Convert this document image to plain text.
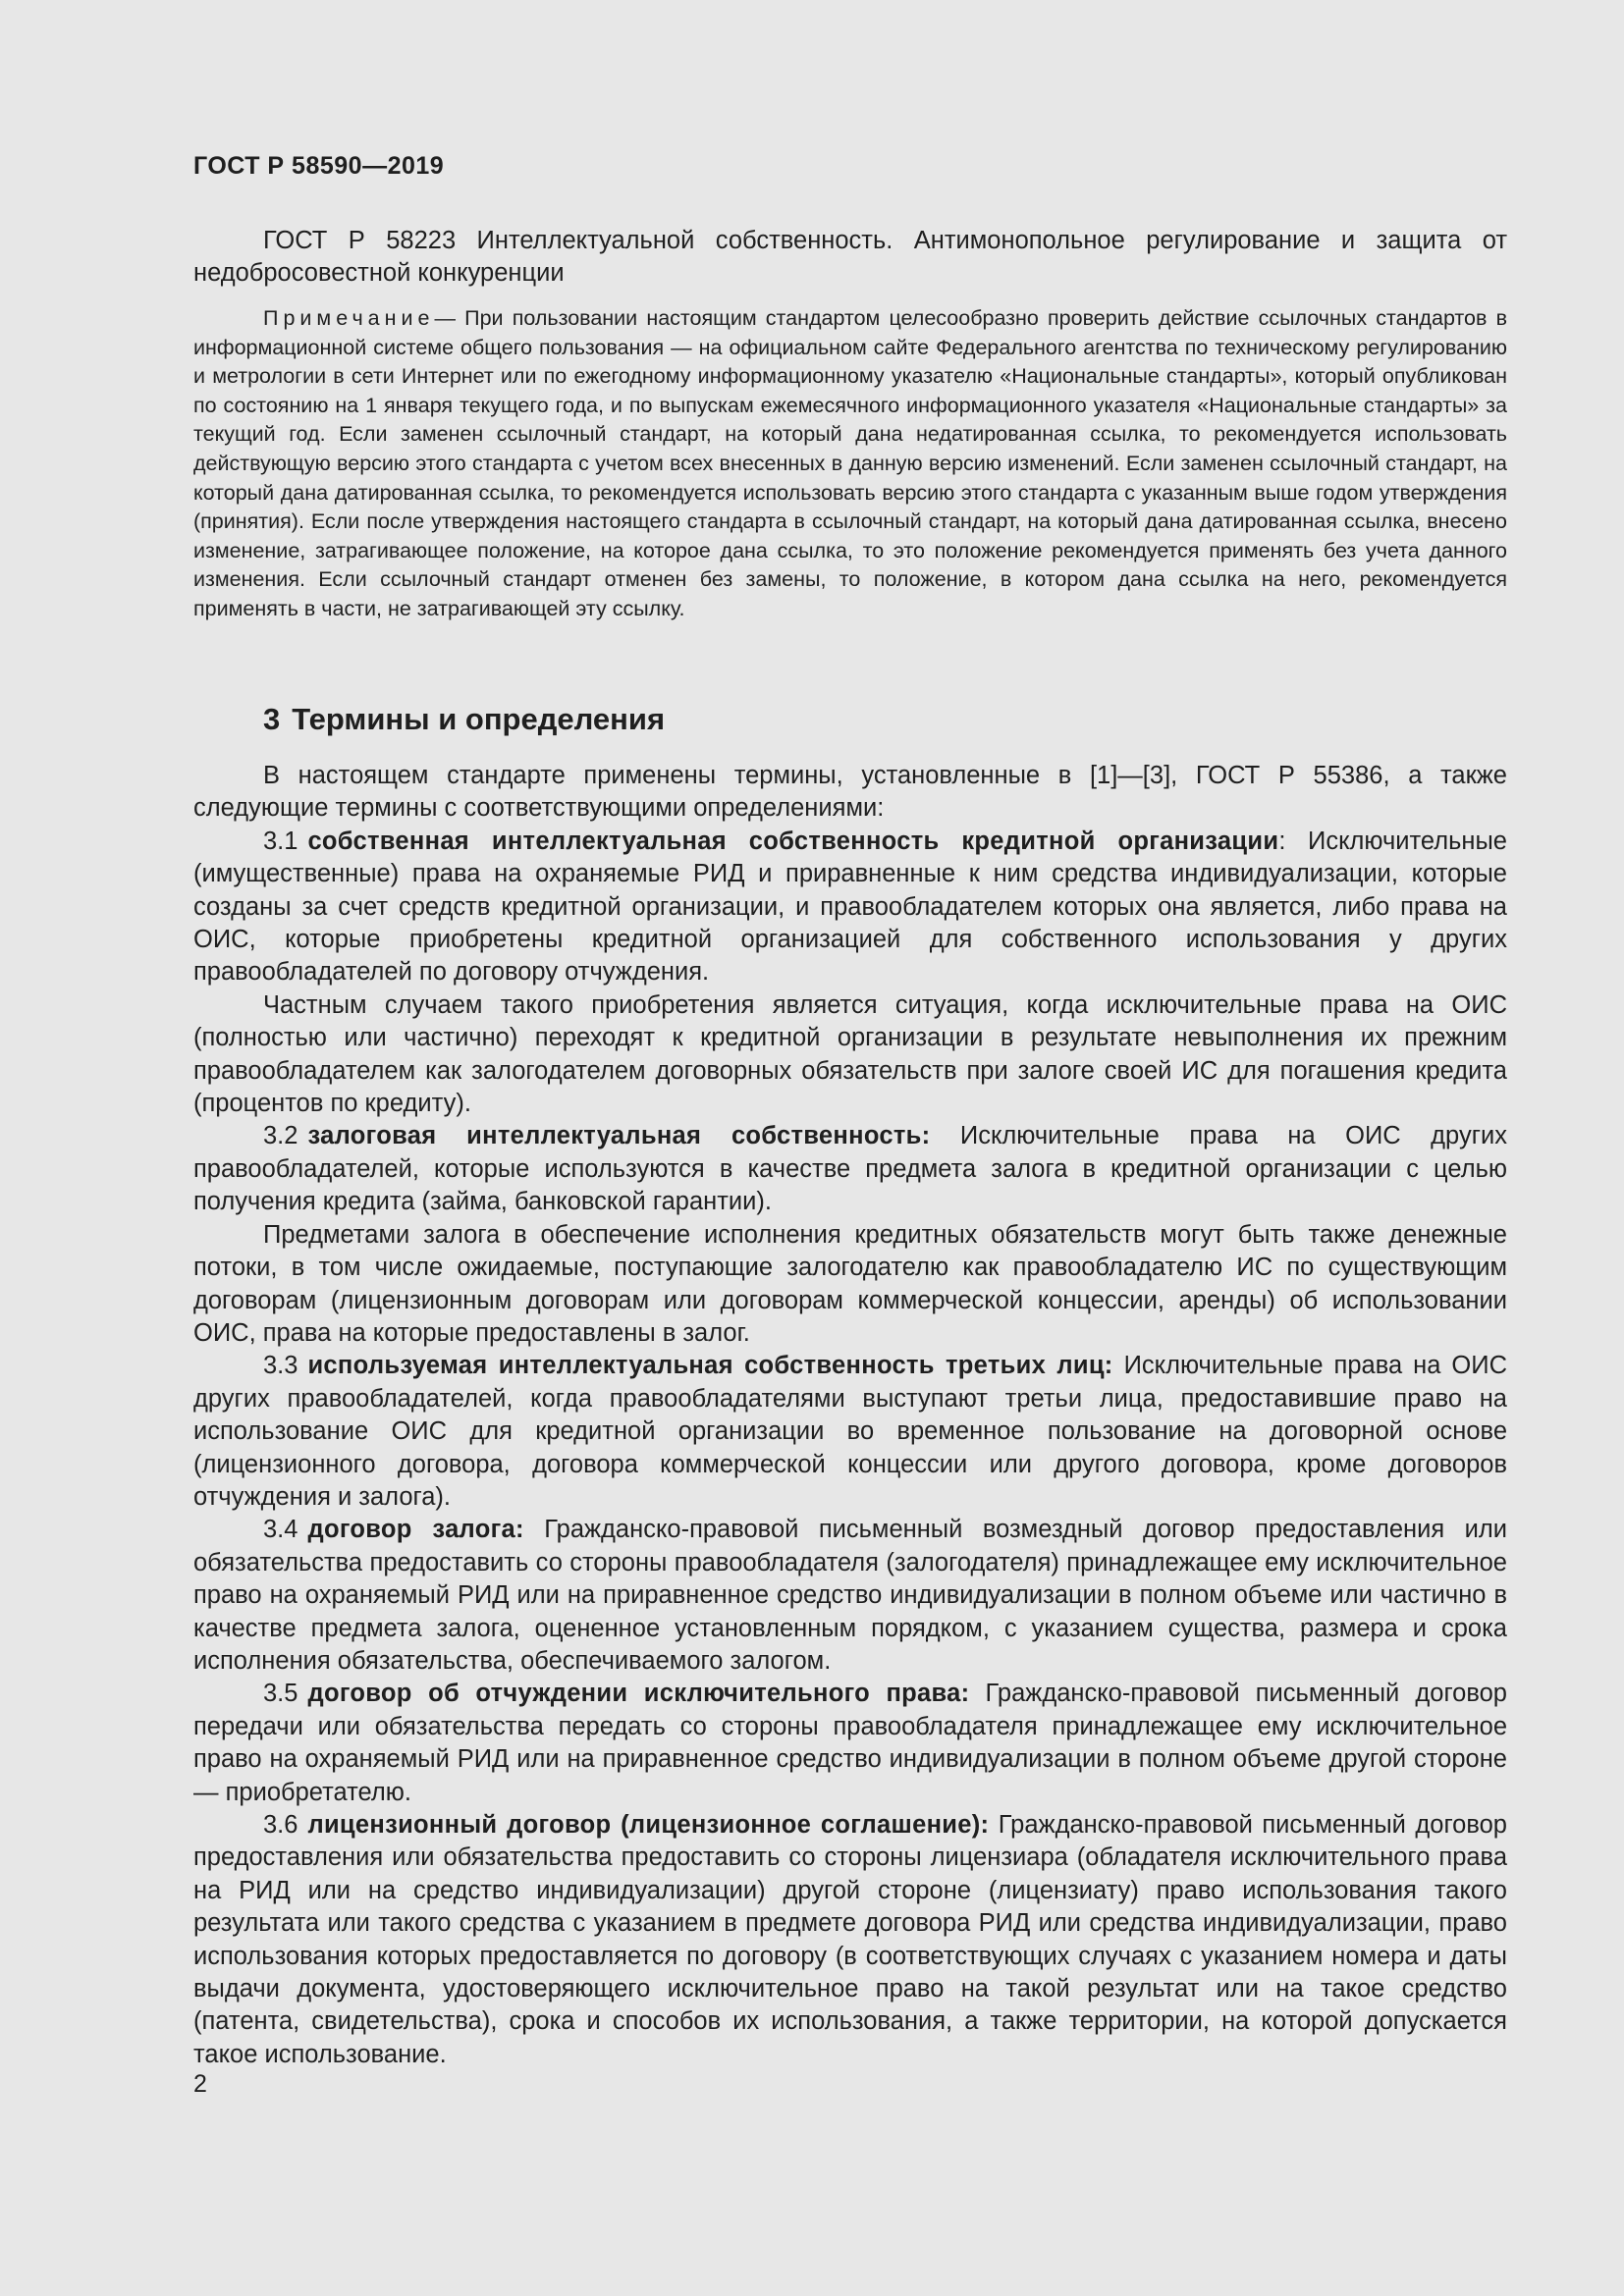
ГОСТ Р 58590—2019

ГОСТ Р 58223 Интеллектуальной собственность. Антимонопольное регулирование и защита от недобросовестной конкуренции

Примечание— При пользовании настоящим стандартом целесообразно проверить действие ссылочных стандартов в информационной системе общего пользования — на официальном сайте Федерального агентства по техническому регулированию и метрологии в сети Интернет или по ежегодному информационному указателю «Национальные стандарты», который опубликован по состоянию на 1 января текущего года, и по выпускам ежемесячного информационного указателя «Национальные стандарты» за текущий год. Если заменен ссылочный стандарт, на который дана недатированная ссылка, то рекомендуется использовать действующую версию этого стандарта с учетом всех внесенных в данную версию изменений. Если заменен ссылочный стандарт, на который дана датированная ссылка, то рекомендуется использовать версию этого стандарта с указанным выше годом утверждения (принятия). Если после утверждения настоящего стандарта в ссылочный стандарт, на который дана датированная ссылка, внесено изменение, затрагивающее положение, на которое дана ссылка, то это положение рекомендуется применять без учета данного изменения. Если ссылочный стандарт отменен без замены, то положение, в котором дана ссылка на него, рекомендуется применять в части, не затрагивающей эту ссылку.

3 Термины и определения

В настоящем стандарте применены термины, установленные в [1]—[3], ГОСТ Р 55386, а также следующие термины с соответствующими определениями:

3.1 собственная интеллектуальная собственность кредитной организации: Исключительные (имущественные) права на охраняемые РИД и приравненные к ним средства индивидуализации, которые созданы за счет средств кредитной организации, и правообладателем которых она является, либо права на ОИС, которые приобретены кредитной организацией для собственного использования у других правообладателей по договору отчуждения.

Частным случаем такого приобретения является ситуация, когда исключительные права на ОИС (полностью или частично) переходят к кредитной организации в результате невыполнения их прежним правообладателем как залогодателем договорных обязательств при залоге своей ИС для погашения кредита (процентов по кредиту).

3.2 залоговая интеллектуальная собственность: Исключительные права на ОИС других правообладателей, которые используются в качестве предмета залога в кредитной организации с целью получения кредита (займа, банковской гарантии).

Предметами залога в обеспечение исполнения кредитных обязательств могут быть также денежные потоки, в том числе ожидаемые, поступающие залогодателю как правообладателю ИС по существующим договорам (лицензионным договорам или договорам коммерческой концессии, аренды) об использовании ОИС, права на которые предоставлены в залог.

3.3 используемая интеллектуальная собственность третьих лиц: Исключительные права на ОИС других правообладателей, когда правообладателями выступают третьи лица, предоставившие право на использование ОИС для кредитной организации во временное пользование на договорной основе (лицензионного договора, договора коммерческой концессии или другого договора, кроме договоров отчуждения и залога).

3.4 договор залога: Гражданско-правовой письменный возмездный договор предоставления или обязательства предоставить со стороны правообладателя (залогодателя) принадлежащее ему исключительное право на охраняемый РИД или на приравненное средство индивидуализации в полном объеме или частично в качестве предмета залога, оцененное установленным порядком, с указанием существа, размера и срока исполнения обязательства, обеспечиваемого залогом.

3.5 договор об отчуждении исключительного права: Гражданско-правовой письменный договор передачи или обязательства передать со стороны правообладателя принадлежащее ему исключительное право на охраняемый РИД или на приравненное средство индивидуализации в полном объеме другой стороне — приобретателю.

3.6 лицензионный договор (лицензионное соглашение): Гражданско-правовой письменный договор предоставления или обязательства предоставить со стороны лицензиара (обладателя исключительного права на РИД или на средство индивидуализации) другой стороне (лицензиату) право использования такого результата или такого средства с указанием в предмете договора РИД или средства индивидуализации, право использования которых предоставляется по договору (в соответствующих случаях с указанием номера и даты выдачи документа, удостоверяющего исключительное право на такой результат или на такое средство (патента, свидетельства), срока и способов их использования, а также территории, на которой допускается такое использование.

2
